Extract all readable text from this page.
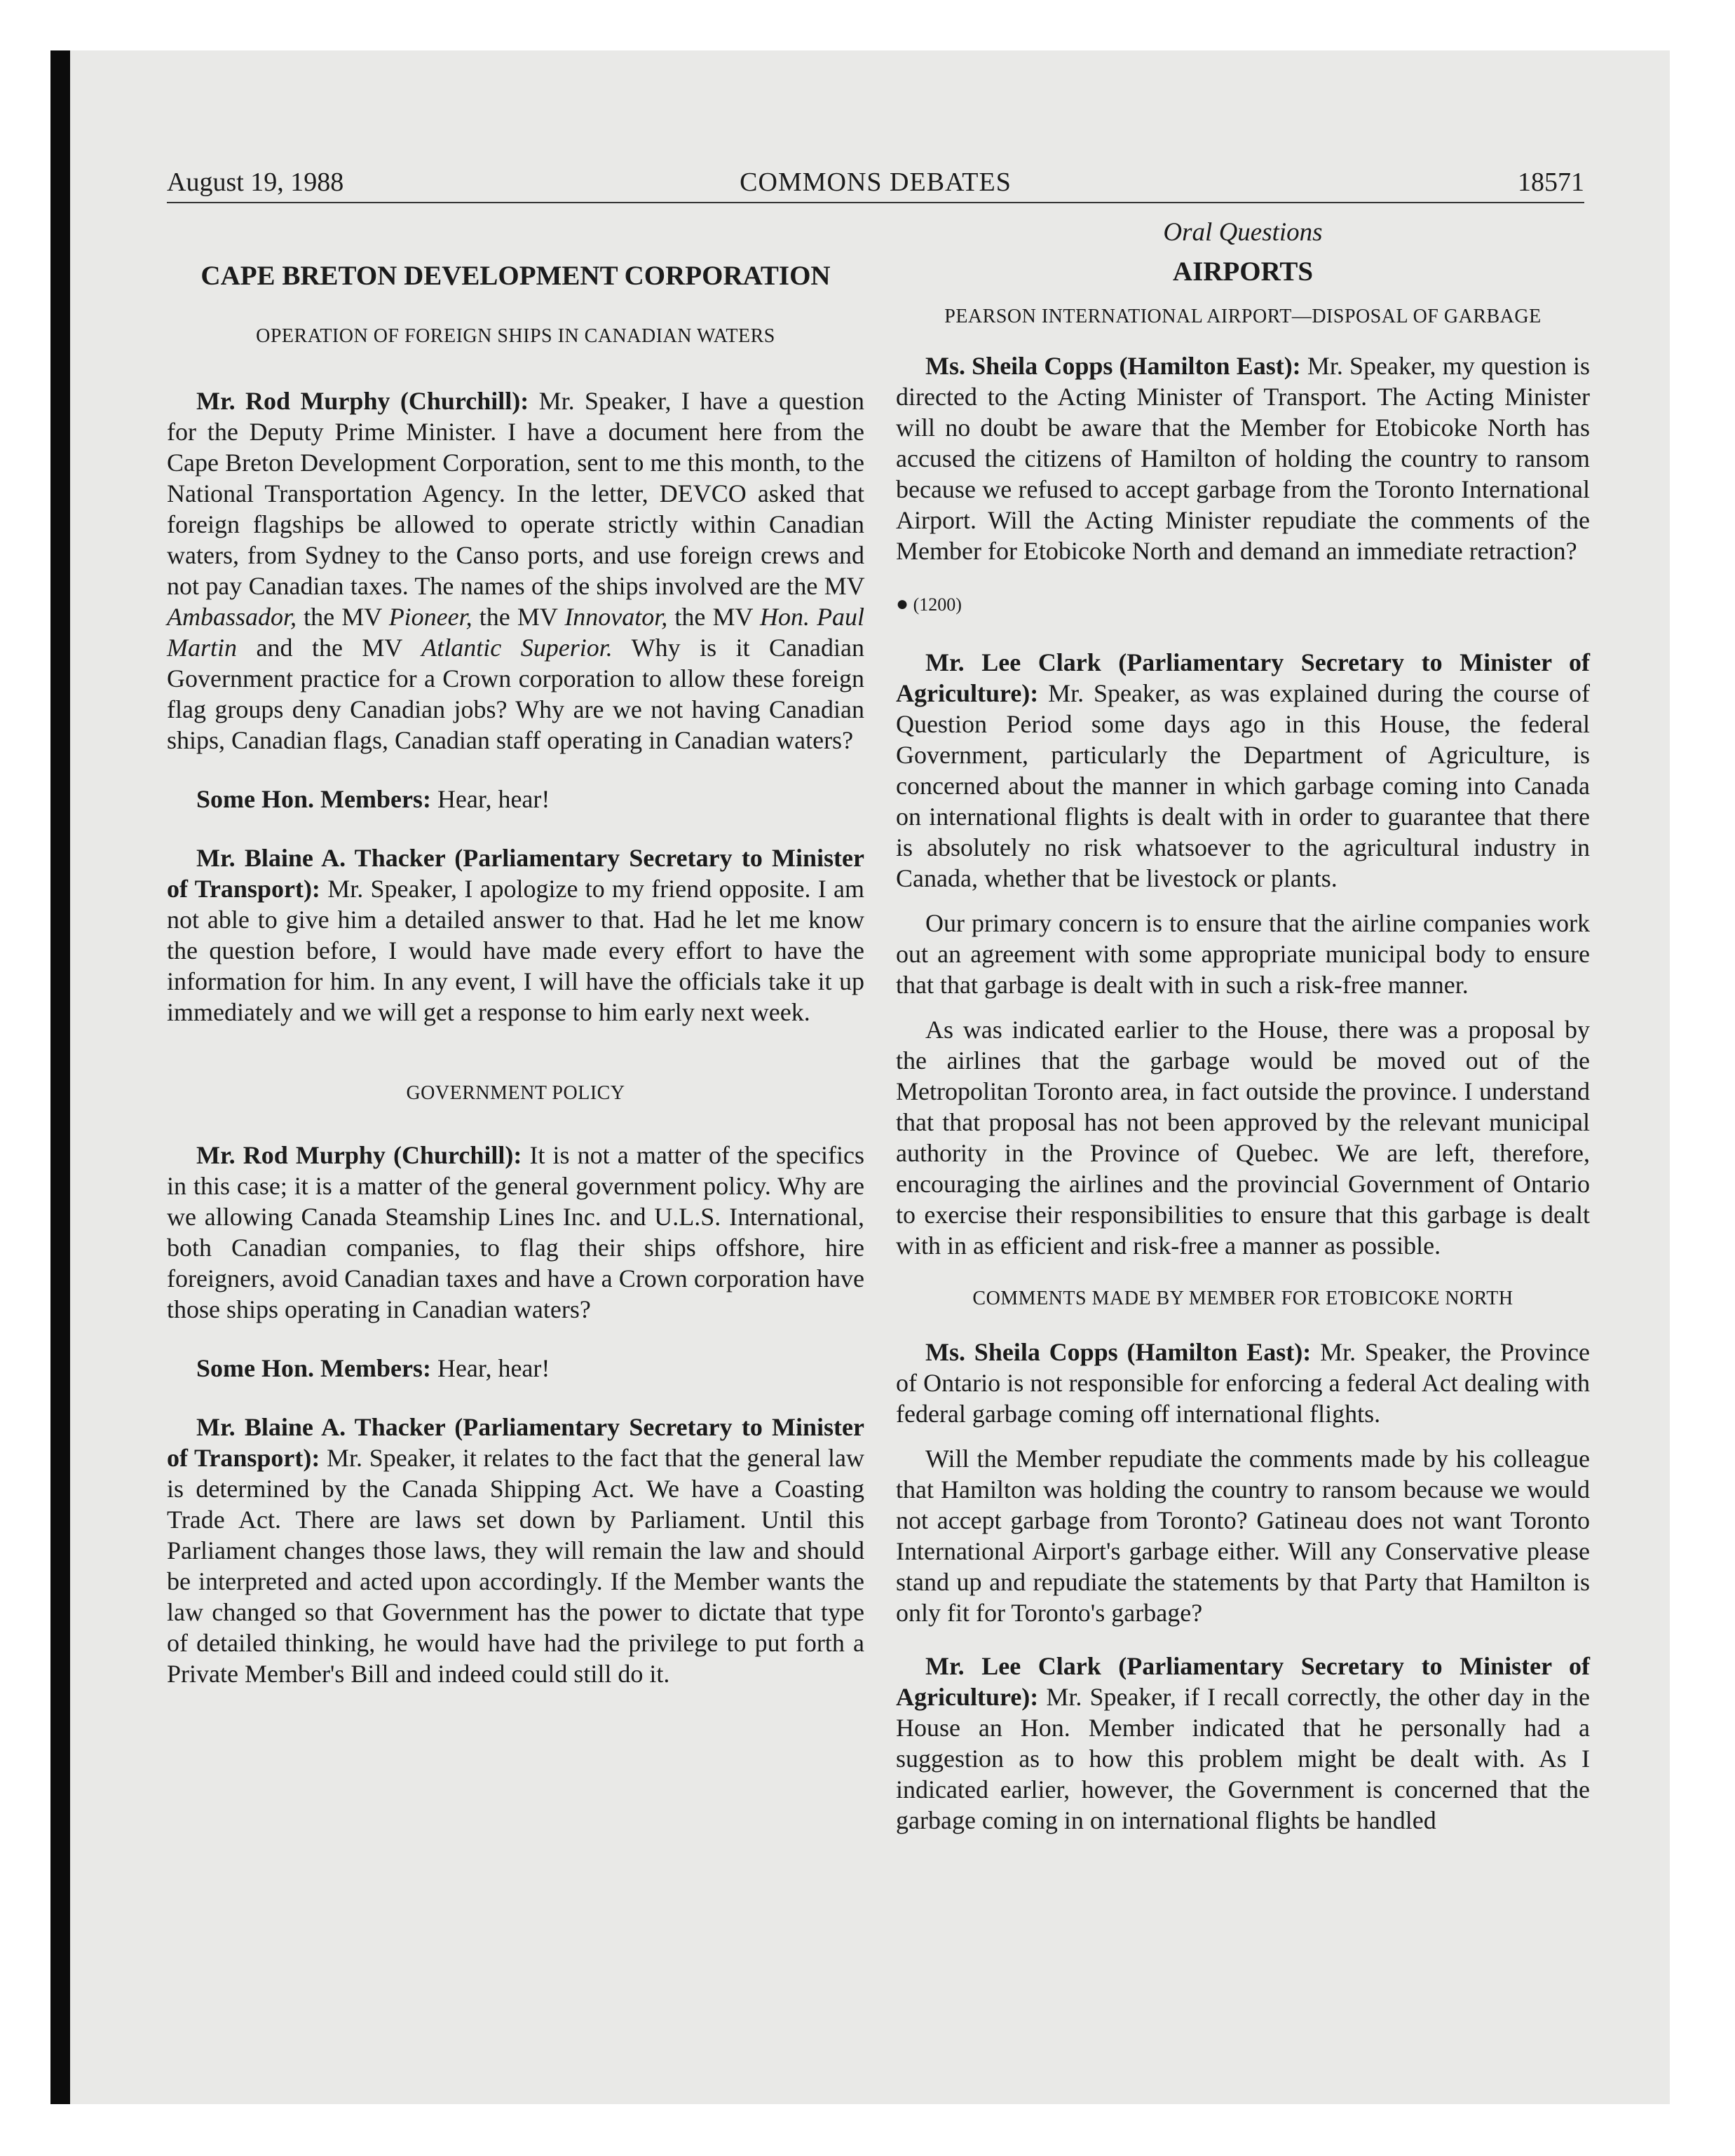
August 19, 1988	COMMONS DEBATES	18571

CAPE BRETON DEVELOPMENT CORPORATION

OPERATION OF FOREIGN SHIPS IN CANADIAN WATERS

Mr. Rod Murphy (Churchill): Mr. Speaker, I have a question for the Deputy Prime Minister. I have a document here from the Cape Breton Development Corporation, sent to me this month, to the National Transportation Agency. In the letter, DEVCO asked that foreign flagships be allowed to operate strictly within Canadian waters, from Sydney to the Canso ports, and use foreign crews and not pay Canadian taxes. The names of the ships involved are the MV Ambassador, the MV Pioneer, the MV Innovator, the MV Hon. Paul Martin and the MV Atlantic Superior. Why is it Canadian Government practice for a Crown corporation to allow these foreign flag groups deny Canadian jobs? Why are we not having Canadian ships, Canadian flags, Canadian staff operating in Canadian waters?

Some Hon. Members: Hear, hear!

Mr. Blaine A. Thacker (Parliamentary Secretary to Minister of Transport): Mr. Speaker, I apologize to my friend opposite. I am not able to give him a detailed answer to that. Had he let me know the question before, I would have made every effort to have the information for him. In any event, I will have the officials take it up immediately and we will get a response to him early next week.

GOVERNMENT POLICY

Mr. Rod Murphy (Churchill): It is not a matter of the specifics in this case; it is a matter of the general government policy. Why are we allowing Canada Steamship Lines Inc. and U.L.S. International, both Canadian companies, to flag their ships offshore, hire foreigners, avoid Canadian taxes and have a Crown corporation have those ships operating in Canadian waters?

Some Hon. Members: Hear, hear!

Mr. Blaine A. Thacker (Parliamentary Secretary to Minister of Transport): Mr. Speaker, it relates to the fact that the general law is determined by the Canada Shipping Act. We have a Coasting Trade Act. There are laws set down by Parliament. Until this Parliament changes those laws, they will remain the law and should be interpreted and acted upon accordingly. If the Member wants the law changed so that Government has the power to dictate that type of detailed thinking, he would have had the privilege to put forth a Private Member's Bill and indeed could still do it.

Oral Questions

AIRPORTS

PEARSON INTERNATIONAL AIRPORT—DISPOSAL OF GARBAGE

Ms. Sheila Copps (Hamilton East): Mr. Speaker, my question is directed to the Acting Minister of Transport. The Acting Minister will no doubt be aware that the Member for Etobicoke North has accused the citizens of Hamilton of holding the country to ransom because we refused to accept garbage from the Toronto International Airport. Will the Acting Minister repudiate the comments of the Member for Etobicoke North and demand an immediate retraction?

● (1200)

Mr. Lee Clark (Parliamentary Secretary to Minister of Agriculture): Mr. Speaker, as was explained during the course of Question Period some days ago in this House, the federal Government, particularly the Department of Agriculture, is concerned about the manner in which garbage coming into Canada on international flights is dealt with in order to guarantee that there is absolutely no risk whatsoever to the agricultural industry in Canada, whether that be livestock or plants.

Our primary concern is to ensure that the airline companies work out an agreement with some appropriate municipal body to ensure that that garbage is dealt with in such a risk-free manner.

As was indicated earlier to the House, there was a proposal by the airlines that the garbage would be moved out of the Metropolitan Toronto area, in fact outside the province. I understand that that proposal has not been approved by the relevant municipal authority in the Province of Quebec. We are left, therefore, encouraging the airlines and the provincial Government of Ontario to exercise their responsibilities to ensure that this garbage is dealt with in as efficient and risk-free a manner as possible.

COMMENTS MADE BY MEMBER FOR ETOBICOKE NORTH

Ms. Sheila Copps (Hamilton East): Mr. Speaker, the Province of Ontario is not responsible for enforcing a federal Act dealing with federal garbage coming off international flights.

Will the Member repudiate the comments made by his colleague that Hamilton was holding the country to ransom because we would not accept garbage from Toronto? Gatineau does not want Toronto International Airport's garbage either. Will any Conservative please stand up and repudiate the statements by that Party that Hamilton is only fit for Toronto's garbage?

Mr. Lee Clark (Parliamentary Secretary to Minister of Agriculture): Mr. Speaker, if I recall correctly, the other day in the House an Hon. Member indicated that he personally had a suggestion as to how this problem might be dealt with. As I indicated earlier, however, the Government is concerned that the garbage coming in on international flights be handled
